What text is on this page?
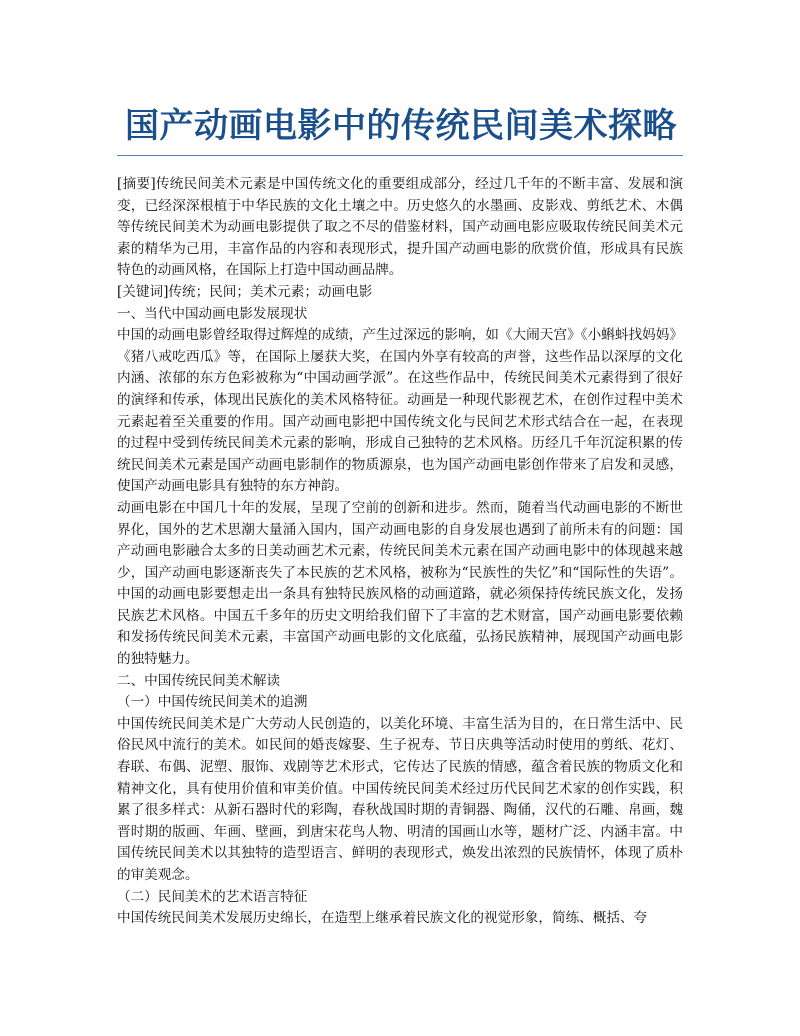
国产动画电影中的传统民间美术探略

[摘要]传统民间美术元素是中国传统文化的重要组成部分，经过几千年的不断丰富、发展和演变，已经深深根植于中华民族的文化土壤之中。历史悠久的水墨画、皮影戏、剪纸艺术、木偶等传统民间美术为动画电影提供了取之不尽的借鉴材料，国产动画电影应吸取传统民间美术元素的精华为己用，丰富作品的内容和表现形式，提升国产动画电影的欣赏价值，形成具有民族特色的动画风格，在国际上打造中国动画品牌。

[关键词]传统；民间；美术元素；动画电影

一、当代中国动画电影发展现状

中国的动画电影曾经取得过辉煌的成绩，产生过深远的影响，如《大闹天宫》《小蝌蚪找妈妈》《猪八戒吃西瓜》等，在国际上屡获大奖，在国内外享有较高的声誉，这些作品以深厚的文化内涵、浓郁的东方色彩被称为“中国动画学派”。在这些作品中，传统民间美术元素得到了很好的演绎和传承，体现出民族化的美术风格特征。动画是一种现代影视艺术，在创作过程中美术元素起着至关重要的作用。国产动画电影把中国传统文化与民间艺术形式结合在一起，在表现的过程中受到传统民间美术元素的影响，形成自己独特的艺术风格。历经几千年沉淀积累的传统民间美术元素是国产动画电影制作的物质源泉，也为国产动画电影创作带来了启发和灵感，使国产动画电影具有独特的东方神韵。

动画电影在中国几十年的发展，呈现了空前的创新和进步。然而，随着当代动画电影的不断世界化，国外的艺术思潮大量涌入国内，国产动画电影的自身发展也遇到了前所未有的问题：国产动画电影融合太多的日美动画艺术元素，传统民间美术元素在国产动画电影中的体现越来越少，国产动画电影逐渐丧失了本民族的艺术风格，被称为“民族性的失忆”和“国际性的失语”。中国的动画电影要想走出一条具有独特民族风格的动画道路，就必须保持传统民族文化，发扬民族艺术风格。中国五千多年的历史文明给我们留下了丰富的艺术财富，国产动画电影要依赖和发扬传统民间美术元素，丰富国产动画电影的文化底蕴，弘扬民族精神，展现国产动画电影的独特魅力。

二、中国传统民间美术解读

（一）中国传统民间美术的追溯

中国传统民间美术是广大劳动人民创造的，以美化环境、丰富生活为目的，在日常生活中、民俗民风中流行的美术。如民间的婚丧嫁娶、生子祝寿、节日庆典等活动时使用的剪纸、花灯、春联、布偶、泥塑、服饰、戏剧等艺术形式，它传达了民族的情感，蕴含着民族的物质文化和精神文化，具有使用价值和审美价值。中国传统民间美术经过历代民间艺术家的创作实践，积累了很多样式：从新石器时代的彩陶，春秋战国时期的青铜器、陶俑，汉代的石雕、帛画，魏晋时期的版画、年画、壁画，到唐宋花鸟人物、明清的国画山水等，题材广泛、内涵丰富。中国传统民间美术以其独特的造型语言、鲜明的表现形式，焕发出浓烈的民族情怀，体现了质朴的审美观念。

（二）民间美术的艺术语言特征

中国传统民间美术发展历史绵长，在造型上继承着民族文化的视觉形象，简练、概括、夸
